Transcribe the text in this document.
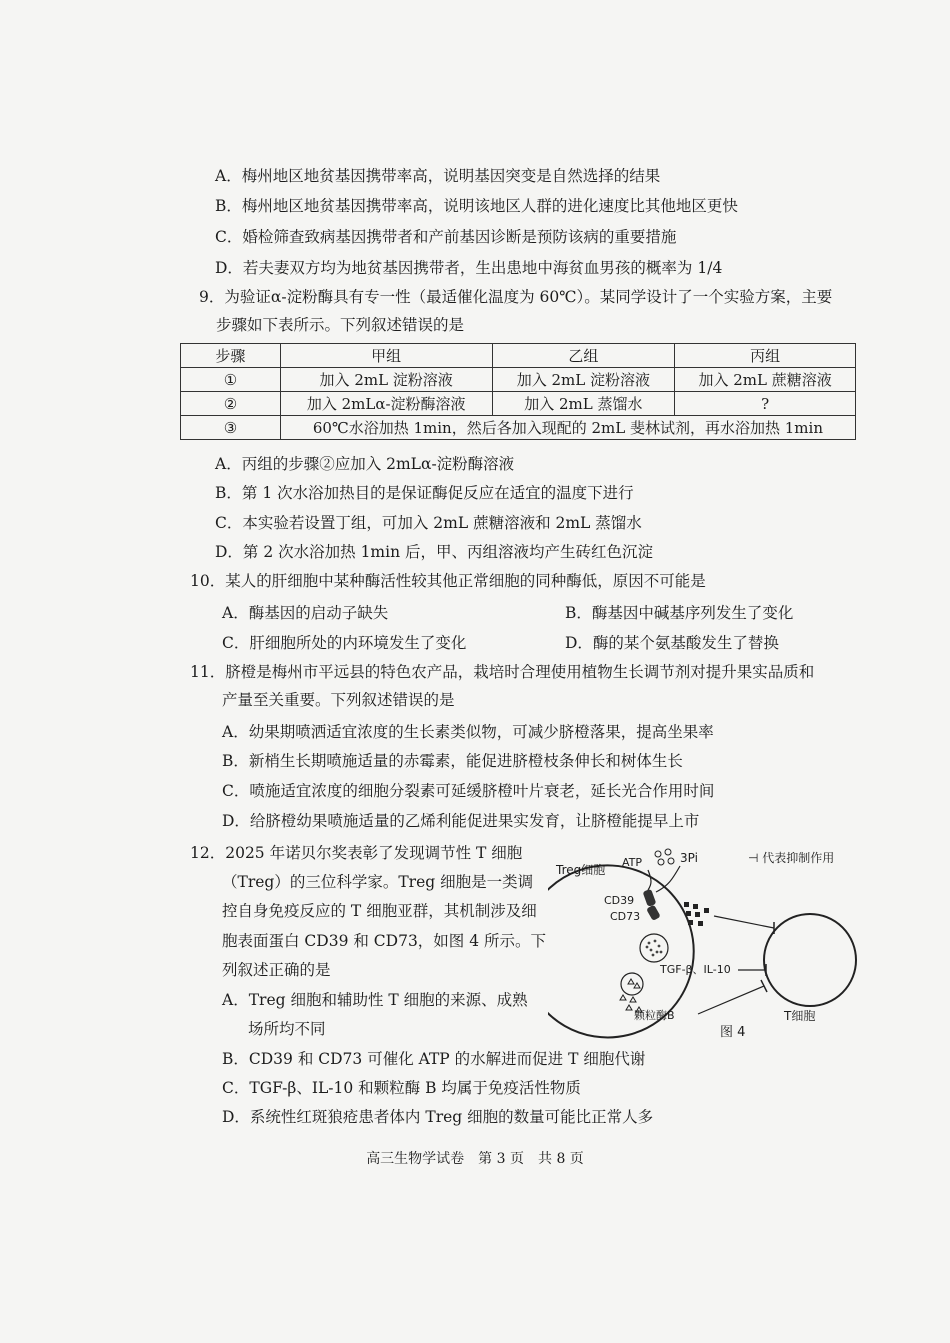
A．梅州地区地贫基因携带率高，说明基因突变是自然选择的结果
B．梅州地区地贫基因携带率高，说明该地区人群的进化速度比其他地区更快
C．婚检筛查致病基因携带者和产前基因诊断是预防该病的重要措施
D．若夫妻双方均为地贫基因携带者，生出患地中海贫血男孩的概率为 1/4
9．为验证α-淀粉酶具有专一性（最适催化温度为 60℃）。某同学设计了一个实验方案，主要
步骤如下表所示。下列叙述错误的是
步骤	甲组	乙组	丙组
①	加入 2mL 淀粉溶液	加入 2mL 淀粉溶液	加入 2mL 蔗糖溶液
②	加入 2mLα-淀粉酶溶液	加入 2mL 蒸馏水	?
③	60℃水浴加热 1min，然后各加入现配的 2mL 斐林试剂，再水浴加热 1min		
A．丙组的步骤②应加入 2mLα-淀粉酶溶液
B．第 1 次水浴加热目的是保证酶促反应在适宜的温度下进行
C．本实验若设置丁组，可加入 2mL 蔗糖溶液和 2mL 蒸馏水
D．第 2 次水浴加热 1min 后，甲、丙组溶液均产生砖红色沉淀
10．某人的肝细胞中某种酶活性较其他正常细胞的同种酶低，原因不可能是
A．酶基因的启动子缺失	B．酶基因中碱基序列发生了变化
C．肝细胞所处的内环境发生了变化	D．酶的某个氨基酸发生了替换
11．脐橙是梅州市平远县的特色农产品，栽培时合理使用植物生长调节剂对提升果实品质和
产量至关重要。下列叙述错误的是
A．幼果期喷洒适宜浓度的生长素类似物，可减少脐橙落果，提高坐果率
B．新梢生长期喷施适量的赤霉素，能促进脐橙枝条伸长和树体生长
C．喷施适宜浓度的细胞分裂素可延缓脐橙叶片衰老，延长光合作用时间
D．给脐橙幼果喷施适量的乙烯利能促进果实发育，让脐橙能提早上市
12．2025 年诺贝尔奖表彰了发现调节性 T 细胞
（Treg）的三位科学家。Treg 细胞是一类调
控自身免疫反应的 T 细胞亚群，其机制涉及细
胞表面蛋白 CD39 和 CD73，如图 4 所示。下
列叙述正确的是
A．Treg 细胞和辅助性 T 细胞的来源、成熟
场所均不同
B．CD39 和 CD73 可催化 ATP 的水解进而促进 T 细胞代谢
C．TGF-β、IL-10 和颗粒酶 B 均属于免疫活性物质
D．系统性红斑狼疮患者体内 Treg 细胞的数量可能比正常人多
Treg细胞
ATP	3Pi	⊣ 代表抑制作用
CD39
CD73
TGF-β、IL-10
颗粒酶B	T细胞
图 4
高三生物学试卷　第 3 页　共 8 页
